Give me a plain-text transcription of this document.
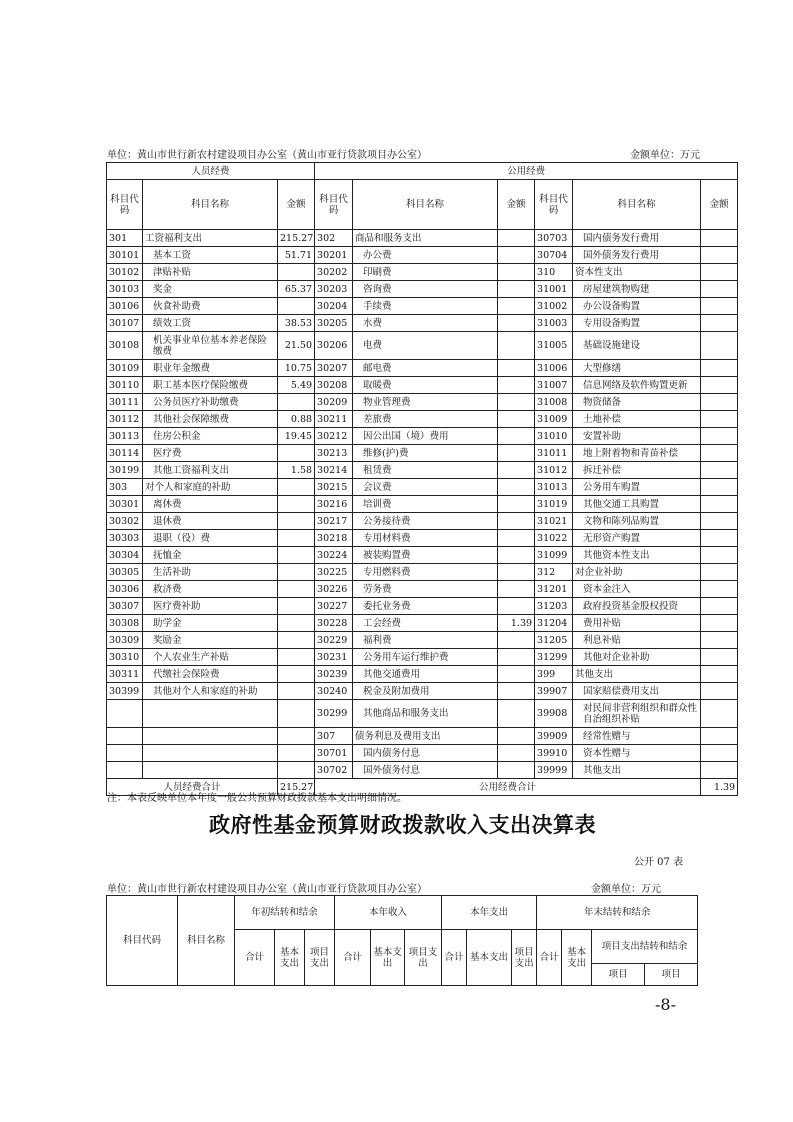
单位：黄山市世行新农村建设项目办公室（黄山市亚行贷款项目办公室）	金额单位：万元
人员经费			公用经费					
科目代码	科目名称	金额	科目代码	科目名称	金额	科目代码	科目名称	金额
301	工资福利支出	215.27	302	商品和服务支出		30703	国内债务发行费用	
30101	基本工资	51.71	30201	办公费		30704	国外债务发行费用	
30102	津贴补贴		30202	印刷费		310	资本性支出	
30103	奖金	65.37	30203	咨询费		31001	房屋建筑物购建	
30106	伙食补助费		30204	手续费		31002	办公设备购置	
30107	绩效工资	38.53	30205	水费		31003	专用设备购置	
30108	机关事业单位基本养老保险缴费	21.50	30206	电费		31005	基础设施建设	
30109	职业年金缴费	10.75	30207	邮电费		31006	大型修缮	
30110	职工基本医疗保险缴费	5.49	30208	取暖费		31007	信息网络及软件购置更新	
30111	公务员医疗补助缴费		30209	物业管理费		31008	物资储备	
30112	其他社会保障缴费	0.88	30211	差旅费		31009	土地补偿	
30113	住房公积金	19.45	30212	因公出国（境）费用		31010	安置补助	
30114	医疗费		30213	维修(护)费		31011	地上附着物和青苗补偿	
30199	其他工资福利支出	1.58	30214	租赁费		31012	拆迁补偿	
303	对个人和家庭的补助		30215	会议费		31013	公务用车购置	
30301	离休费		30216	培训费		31019	其他交通工具购置	
30302	退休费		30217	公务接待费		31021	文物和陈列品购置	
30303	退职（役）费		30218	专用材料费		31022	无形资产购置	
30304	抚恤金		30224	被装购置费		31099	其他资本性支出	
30305	生活补助		30225	专用燃料费		312	对企业补助	
30306	救济费		30226	劳务费		31201	资本金注入	
30307	医疗费补助		30227	委托业务费		31203	政府投资基金股权投资	
30308	助学金		30228	工会经费	1.39	31204	费用补贴	
30309	奖励金		30229	福利费		31205	利息补贴	
30310	个人农业生产补贴		30231	公务用车运行维护费		31299	其他对企业补助	
30311	代缴社会保险费		30239	其他交通费用		399	其他支出	
30399	其他对个人和家庭的补助		30240	税金及附加费用		39907	国家赔偿费用支出	
			30299	其他商品和服务支出		39908	对民间非营利组织和群众性自治组织补贴	
			307	债务利息及费用支出		39909	经常性赠与	
			30701	国内债务付息		39910	资本性赠与	
			30702	国外债务付息		39999	其他支出	
人员经费合计		215.27	公用经费合计					1.39
注：本表反映单位本年度一般公共预算财政拨款基本支出明细情况。
政府性基金预算财政拨款收入支出决算表
公开 07 表
单位：黄山市世行新农村建设项目办公室（黄山市亚行贷款项目办公室）	金额单位：万元
科目代码	科目名称	年初结转和结余			本年收入			本年支出			年末结转和结余			
		合计	基本支出	项目支出	合计	基本支出	项目支出	合计	基本支出	项目支出	合计	基本支出	项目支出结转和结余	
													项目	项目
-8-
